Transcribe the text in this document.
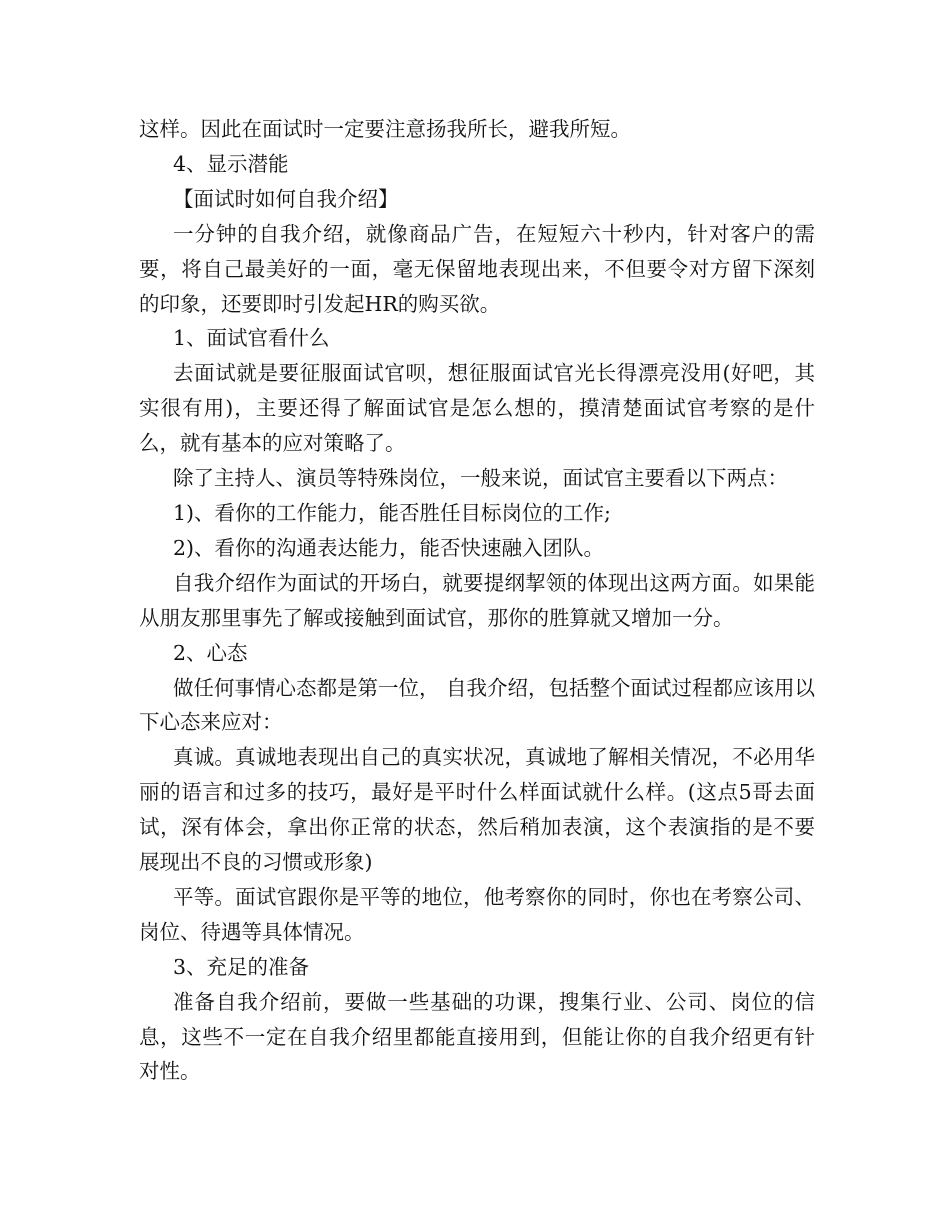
这样。因此在面试时一定要注意扬我所长，避我所短。

4、显示潜能

【面试时如何自我介绍】

一分钟的自我介绍，就像商品广告，在短短六十秒内，针对客户的需要，将自己最美好的一面，毫无保留地表现出来，不但要令对方留下深刻的印象，还要即时引发起HR的购买欲。

1、面试官看什么

去面试就是要征服面试官呗，想征服面试官光长得漂亮没用(好吧，其实很有用)，主要还得了解面试官是怎么想的，摸清楚面试官考察的是什么，就有基本的应对策略了。

除了主持人、演员等特殊岗位，一般来说，面试官主要看以下两点：

1)、看你的工作能力，能否胜任目标岗位的工作;

2)、看你的沟通表达能力，能否快速融入团队。

自我介绍作为面试的开场白，就要提纲挈领的体现出这两方面。如果能从朋友那里事先了解或接触到面试官，那你的胜算就又增加一分。

2、心态

做任何事情心态都是第一位， 自我介绍，包括整个面试过程都应该用以下心态来应对：

真诚。真诚地表现出自己的真实状况，真诚地了解相关情况，不必用华丽的语言和过多的技巧，最好是平时什么样面试就什么样。(这点5哥去面试，深有体会，拿出你正常的状态，然后稍加表演，这个表演指的是不要展现出不良的习惯或形象)

平等。面试官跟你是平等的地位，他考察你的同时，你也在考察公司、岗位、待遇等具体情况。

3、充足的准备

准备自我介绍前，要做一些基础的功课，搜集行业、公司、岗位的信息，这些不一定在自我介绍里都能直接用到，但能让你的自我介绍更有针对性。
